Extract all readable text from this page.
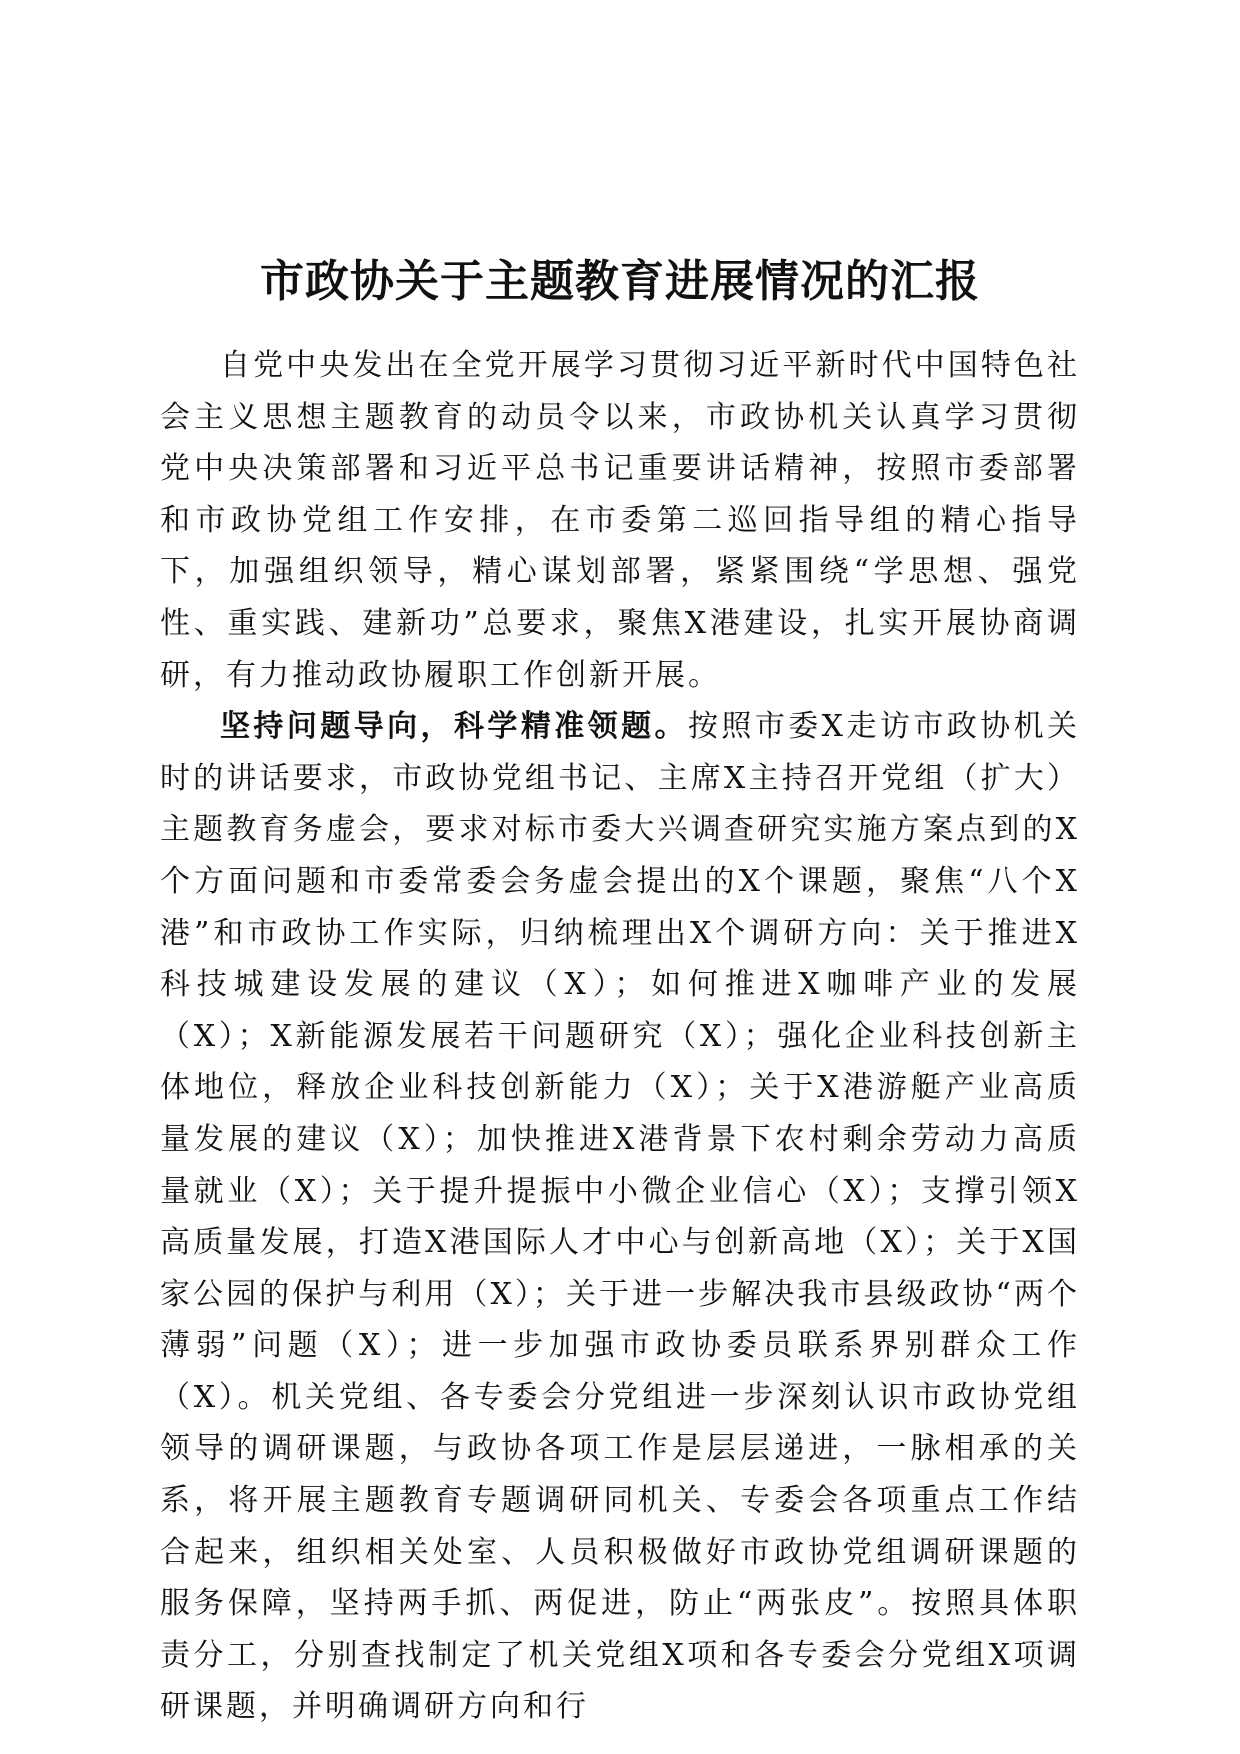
市政协关于主题教育进展情况的汇报

自党中央发出在全党开展学习贯彻习近平新时代中国特色社会主义思想主题教育的动员令以来，市政协机关认真学习贯彻党中央决策部署和习近平总书记重要讲话精神，按照市委部署和市政协党组工作安排，在市委第二巡回指导组的精心指导下，加强组织领导，精心谋划部署，紧紧围绕“学思想、强党性、重实践、建新功”总要求，聚焦X港建设，扎实开展协商调研，有力推动政协履职工作创新开展。

坚持问题导向，科学精准领题。按照市委X走访市政协机关时的讲话要求，市政协党组书记、主席X主持召开党组（扩大）主题教育务虚会，要求对标市委大兴调查研究实施方案点到的X个方面问题和市委常委会务虚会提出的X个课题，聚焦“八个X港”和市政协工作实际，归纳梳理出X个调研方向：关于推进X科技城建设发展的建议（X）；如何推进X咖啡产业的发展（X）；X新能源发展若干问题研究（X）；强化企业科技创新主体地位，释放企业科技创新能力（X）；关于X港游艇产业高质量发展的建议（X）；加快推进X港背景下农村剩余劳动力高质量就业（X）；关于提升提振中小微企业信心（X）；支撑引领X高质量发展，打造X港国际人才中心与创新高地（X）；关于X国家公园的保护与利用（X）；关于进一步解决我市县级政协“两个薄弱”问题（X）；进一步加强市政协委员联系界别群众工作（X）。机关党组、各专委会分党组进一步深刻认识市政协党组领导的调研课题，与政协各项工作是层层递进，一脉相承的关系，将开展主题教育专题调研同机关、专委会各项重点工作结合起来，组织相关处室、人员积极做好市政协党组调研课题的服务保障，坚持两手抓、两促进，防止“两张皮”。按照具体职责分工，分别查找制定了机关党组X项和各专委会分党组X项调研课题，并明确调研方向和行
